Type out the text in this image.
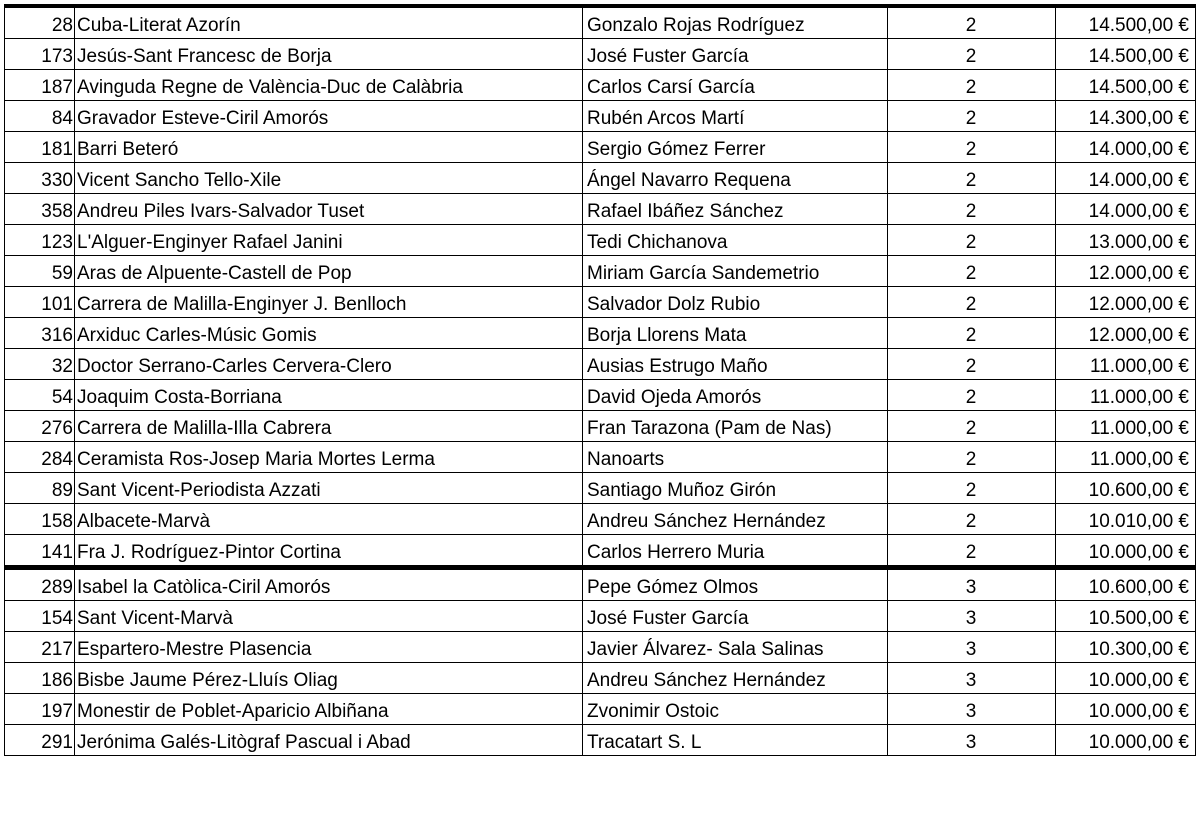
28	Cuba-Literat Azorín	Gonzalo Rojas Rodríguez	2	14.500,00 €
173	Jesús-Sant Francesc de Borja	José Fuster García	2	14.500,00 €
187	Avinguda Regne de València-Duc de Calàbria	Carlos Carsí García	2	14.500,00 €
84	Gravador Esteve-Ciril Amorós	Rubén Arcos Martí	2	14.300,00 €
181	Barri Beteró	Sergio Gómez Ferrer	2	14.000,00 €
330	Vicent Sancho Tello-Xile	Ángel Navarro Requena	2	14.000,00 €
358	Andreu Piles Ivars-Salvador Tuset	Rafael Ibáñez Sánchez	2	14.000,00 €
123	L'Alguer-Enginyer Rafael Janini	Tedi Chichanova	2	13.000,00 €
59	Aras de Alpuente-Castell de Pop	Miriam García Sandemetrio	2	12.000,00 €
101	Carrera de Malilla-Enginyer J. Benlloch	Salvador Dolz Rubio	2	12.000,00 €
316	Arxiduc Carles-Músic Gomis	Borja Llorens Mata	2	12.000,00 €
32	Doctor Serrano-Carles Cervera-Clero	Ausias Estrugo Maño	2	11.000,00 €
54	Joaquim Costa-Borriana	David Ojeda Amorós	2	11.000,00 €
276	Carrera de Malilla-Illa Cabrera	Fran Tarazona (Pam de Nas)	2	11.000,00 €
284	Ceramista Ros-Josep Maria Mortes Lerma	Nanoarts	2	11.000,00 €
89	Sant Vicent-Periodista Azzati	Santiago Muñoz Girón	2	10.600,00 €
158	Albacete-Marvà	Andreu Sánchez Hernández	2	10.010,00 €
141	Fra J. Rodríguez-Pintor Cortina	Carlos Herrero Muria	2	10.000,00 €
289	Isabel la Catòlica-Ciril Amorós	Pepe Gómez Olmos	3	10.600,00 €
154	Sant Vicent-Marvà	José Fuster García	3	10.500,00 €
217	Espartero-Mestre Plasencia	Javier Álvarez- Sala Salinas	3	10.300,00 €
186	Bisbe Jaume Pérez-Lluís Oliag	Andreu Sánchez Hernández	3	10.000,00 €
197	Monestir de Poblet-Aparicio Albiñana	Zvonimir Ostoic	3	10.000,00 €
291	Jerónima Galés-Litògraf Pascual i Abad	Tracatart S. L	3	10.000,00 €
